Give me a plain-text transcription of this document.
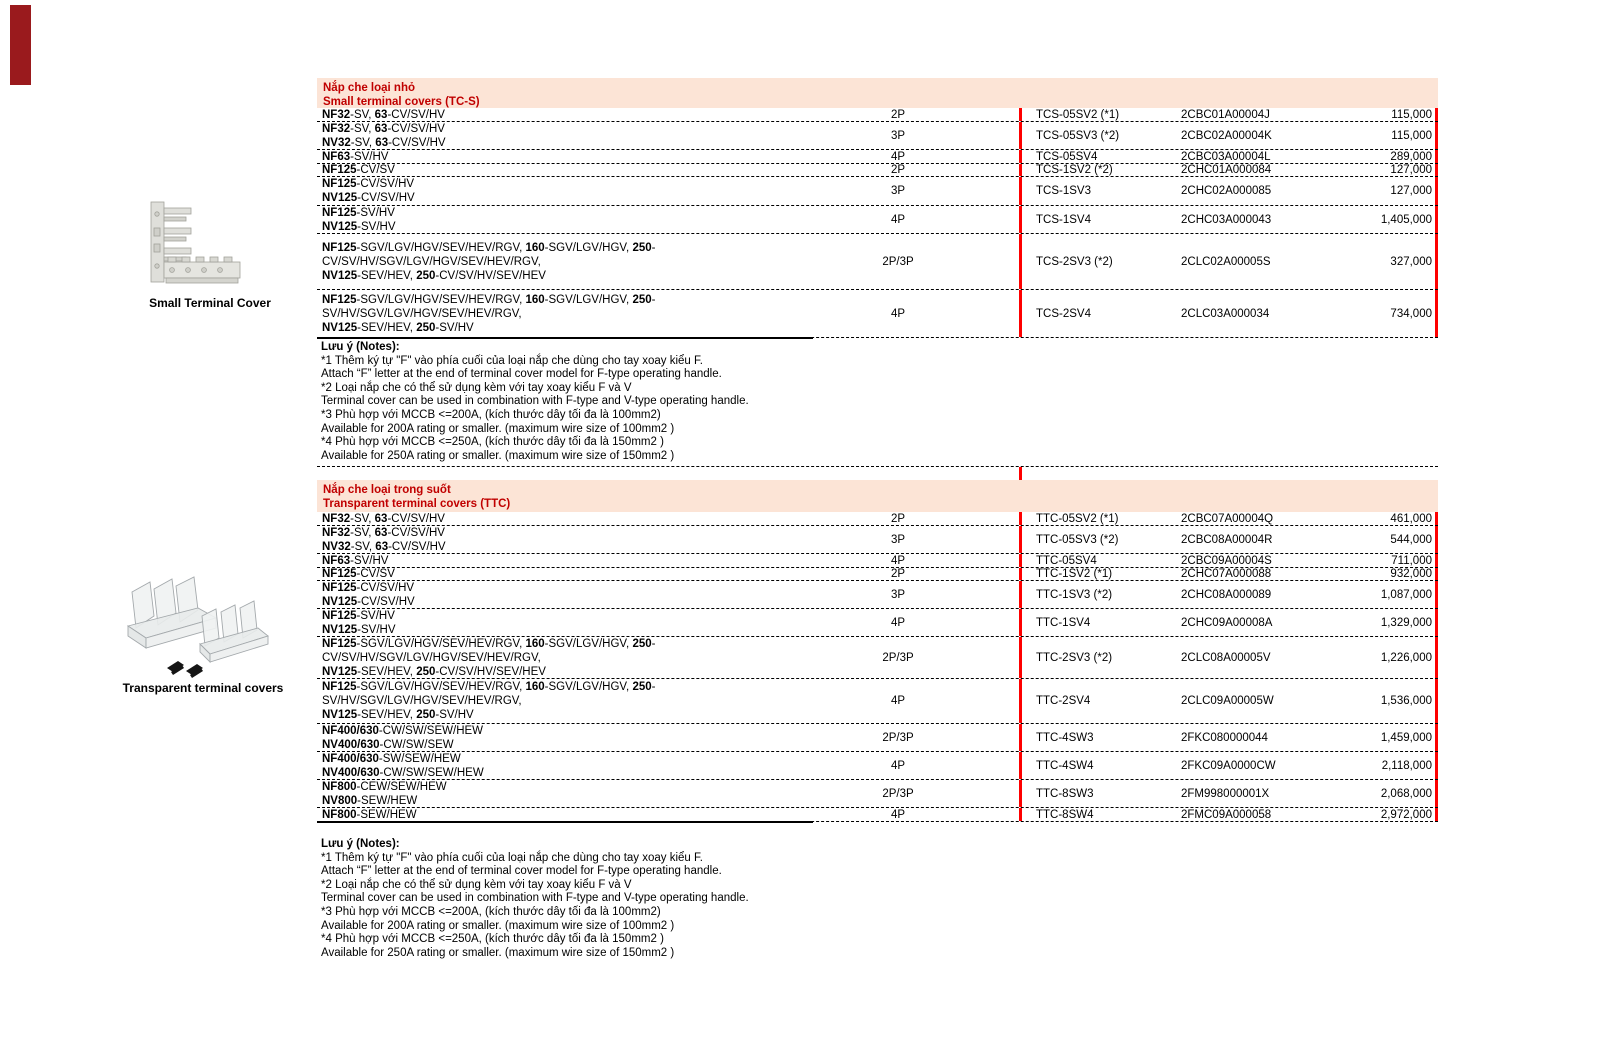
Small Terminal Cover
Transparent terminal covers
Nắp che loại nhỏ
Small terminal covers (TC-S)
NF32-SV, 63-CV/SV/HV	2P	TCS-05SV2 (*1)	2CBC01A00004J	115,000
NF32-SV, 63-CV/SV/HV
NV32-SV, 63-CV/SV/HV
3P	TCS-05SV3 (*2)	2CBC02A00004K	115,000
NF63-SV/HV	4P	TCS-05SV4	2CBC03A00004L	289,000
NF125-CV/SV	2P	TCS-1SV2 (*2)	2CHC01A000084	127,000
NF125-CV/SV/HV
NV125-CV/SV/HV
3P	TCS-1SV3	2CHC02A000085	127,000
NF125-SV/HV
NV125-SV/HV
4P	TCS-1SV4	2CHC03A000043	1,405,000
NF125-SGV/LGV/HGV/SEV/HEV/RGV, 160-SGV/LGV/HGV, 250-
CV/SV/HV/SGV/LGV/HGV/SEV/HEV/RGV,
NV125-SEV/HEV, 250-CV/SV/HV/SEV/HEV
2P/3P	TCS-2SV3 (*2)	2CLC02A00005S	327,000
NF125-SGV/LGV/HGV/SEV/HEV/RGV, 160-SGV/LGV/HGV, 250-
SV/HV/SGV/LGV/HGV/SEV/HEV/RGV,
NV125-SEV/HEV, 250-SV/HV
4P	TCS-2SV4	2CLC03A000034	734,000
Lưu ý (Notes):
*1 Thêm ký tự "F" vào phía cuối của loại nắp che dùng cho tay xoay kiểu F.
Attach “F” letter at the end of terminal cover model for F-type operating handle.
*2 Loại nắp che có thể sử dụng kèm với tay xoay kiểu F và V
Terminal cover can be used in combination with F-type and V-type operating handle.
*3 Phù hợp với MCCB <=200A, (kích thước dây tối đa là 100mm2)
Available for 200A rating or smaller. (maximum wire size of 100mm2 )
*4 Phù hợp với MCCB <=250A, (kích thước dây tối đa là 150mm2 )
Available for 250A rating or smaller. (maximum wire size of 150mm2 )
Nắp che loại trong suốt
Transparent terminal covers (TTC)
NF32-SV, 63-CV/SV/HV	2P	TTC-05SV2 (*1)	2CBC07A00004Q	461,000
NF32-SV, 63-CV/SV/HV
NV32-SV, 63-CV/SV/HV
3P	TTC-05SV3 (*2)	2CBC08A00004R	544,000
NF63-SV/HV	4P	TTC-05SV4	2CBC09A00004S	711,000
NF125-CV/SV	2P	TTC-1SV2 (*1)	2CHC07A000088	932,000
NF125-CV/SV/HV
NV125-CV/SV/HV
3P	TTC-1SV3 (*2)	2CHC08A000089	1,087,000
NF125-SV/HV
NV125-SV/HV
4P	TTC-1SV4	2CHC09A00008A	1,329,000
NF125-SGV/LGV/HGV/SEV/HEV/RGV, 160-SGV/LGV/HGV, 250-
CV/SV/HV/SGV/LGV/HGV/SEV/HEV/RGV,
NV125-SEV/HEV, 250-CV/SV/HV/SEV/HEV
2P/3P	TTC-2SV3 (*2)	2CLC08A00005V	1,226,000
NF125-SGV/LGV/HGV/SEV/HEV/RGV, 160-SGV/LGV/HGV, 250-
SV/HV/SGV/LGV/HGV/SEV/HEV/RGV,
NV125-SEV/HEV, 250-SV/HV
4P	TTC-2SV4	2CLC09A00005W	1,536,000
NF400/630-CW/SW/SEW/HEW
NV400/630-CW/SW/SEW
2P/3P	TTC-4SW3	2FKC080000044	1,459,000
NF400/630-SW/SEW/HEW
NV400/630-CW/SW/SEW/HEW
4P	TTC-4SW4	2FKC09A0000CW	2,118,000
NF800-CEW/SEW/HEW
NV800-SEW/HEW
2P/3P	TTC-8SW3	2FM998000001X	2,068,000
NF800-SEW/HEW	4P	TTC-8SW4	2FMC09A000058	2,972,000
Lưu ý (Notes):
*1 Thêm ký tự "F" vào phía cuối của loại nắp che dùng cho tay xoay kiểu F.
Attach “F” letter at the end of terminal cover model for F-type operating handle.
*2 Loại nắp che có thể sử dụng kèm với tay xoay kiểu F và V
Terminal cover can be used in combination with F-type and V-type operating handle.
*3 Phù hợp với MCCB <=200A, (kích thước dây tối đa là 100mm2)
Available for 200A rating or smaller. (maximum wire size of 100mm2 )
*4 Phù hợp với MCCB <=250A, (kích thước dây tối đa là 150mm2 )
Available for 250A rating or smaller. (maximum wire size of 150mm2 )
